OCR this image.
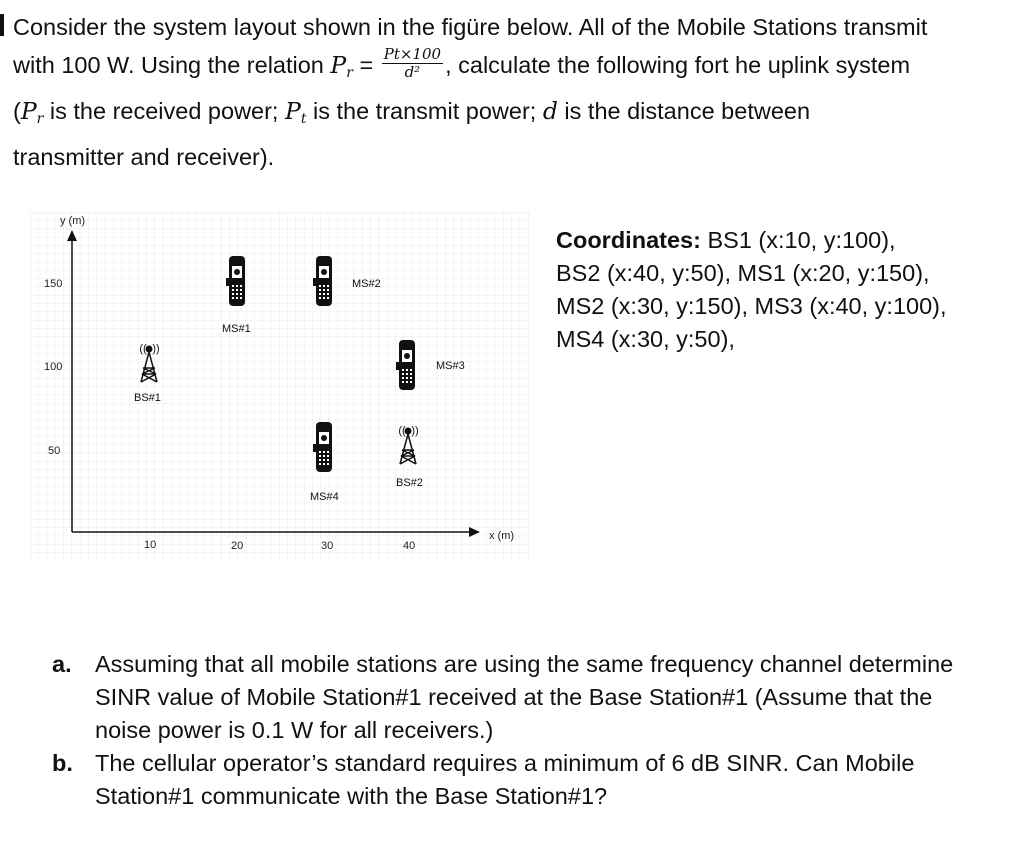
Consider the system layout shown in the figüre below. All of the Mobile Stations transmit

with 100 W. Using the relation $P_r = \frac{Pt\times 100}{\text{d²}}$ , calculate the following fort he uplink system

($P_r$ is the received power; $P_t$ is the transmit power; d is the distance between

transmitter and receiver).

(( ))
y (m)
x (m)
150
100
50
10	20	30	40
BS#1
BS#2
MS#1
MS#2
MS#3
MS#4
Coordinates: BS1 (x:10, y:100),
BS2 (x:40, y:50), MS1 (x:20, y:150),
MS2 (x:30, y:150), MS3 (x:40, y:100),
MS4 (x:30, y:50),
a. Assuming that all mobile stations are using the same frequency channel determine SINR value of Mobile Station#1 received at the Base Station#1 (Assume that the noise power is 0.1 W for all receivers.)
b. The cellular operator’s standard requires a minimum of 6 dB SINR. Can Mobile Station#1 communicate with the Base Station#1?
